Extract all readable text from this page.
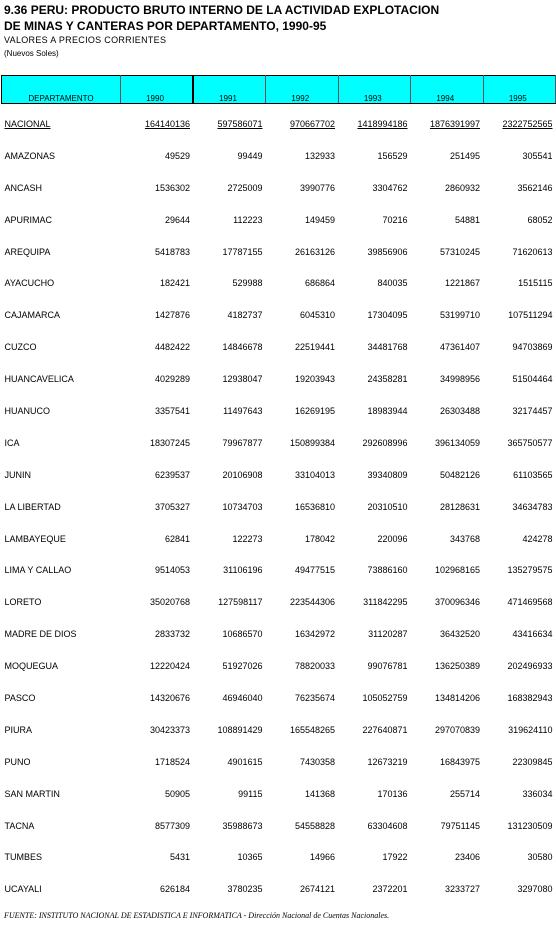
9.36 PERU: PRODUCTO BRUTO INTERNO DE LA ACTIVIDAD EXPLOTACION
DE MINAS Y CANTERAS POR DEPARTAMENTO, 1990-95

VALORES A PRECIOS CORRIENTES
(Nuevos Soles)
DEPARTAMENTO	1990	1991	1992	1993	1994	1995
NACIONAL	164140136	597586071	970667702	1418994186	1876391997	2322752565
AMAZONAS	49529	99449	132933	156529	251495	305541
ANCASH	1536302	2725009	3990776	3304762	2860932	3562146
APURIMAC	29644	112223	149459	70216	54881	68052
AREQUIPA	5418783	17787155	26163126	39856906	57310245	71620613
AYACUCHO	182421	529988	686864	840035	1221867	1515115
CAJAMARCA	1427876	4182737	6045310	17304095	53199710	107511294
CUZCO	4482422	14846678	22519441	34481768	47361407	94703869
HUANCAVELICA	4029289	12938047	19203943	24358281	34998956	51504464
HUANUCO	3357541	11497643	16269195	18983944	26303488	32174457
ICA	18307245	79967877	150899384	292608996	396134059	365750577
JUNIN	6239537	20106908	33104013	39340809	50482126	61103565
LA LIBERTAD	3705327	10734703	16536810	20310510	28128631	34634783
LAMBAYEQUE	62841	122273	178042	220096	343768	424278
LIMA Y CALLAO	9514053	31106196	49477515	73886160	102968165	135279575
LORETO	35020768	127598117	223544306	311842295	370096346	471469568
MADRE DE DIOS	2833732	10686570	16342972	31120287	36432520	43416634
MOQUEGUA	12220424	51927026	78820033	99076781	136250389	202496933
PASCO	14320676	46946040	76235674	105052759	134814206	168382943
PIURA	30423373	108891429	165548265	227640871	297070839	319624110
PUNO	1718524	4901615	7430358	12673219	16843975	22309845
SAN MARTIN	50905	99115	141368	170136	255714	336034
TACNA	8577309	35988673	54558828	63304608	79751145	131230509
TUMBES	5431	10365	14966	17922	23406	30580
UCAYALI	626184	3780235	2674121	2372201	3233727	3297080
FUENTE: INSTITUTO NACIONAL DE ESTADISTICA E INFORMATICA - Dirección Nacional de Cuentas Nacionales.
